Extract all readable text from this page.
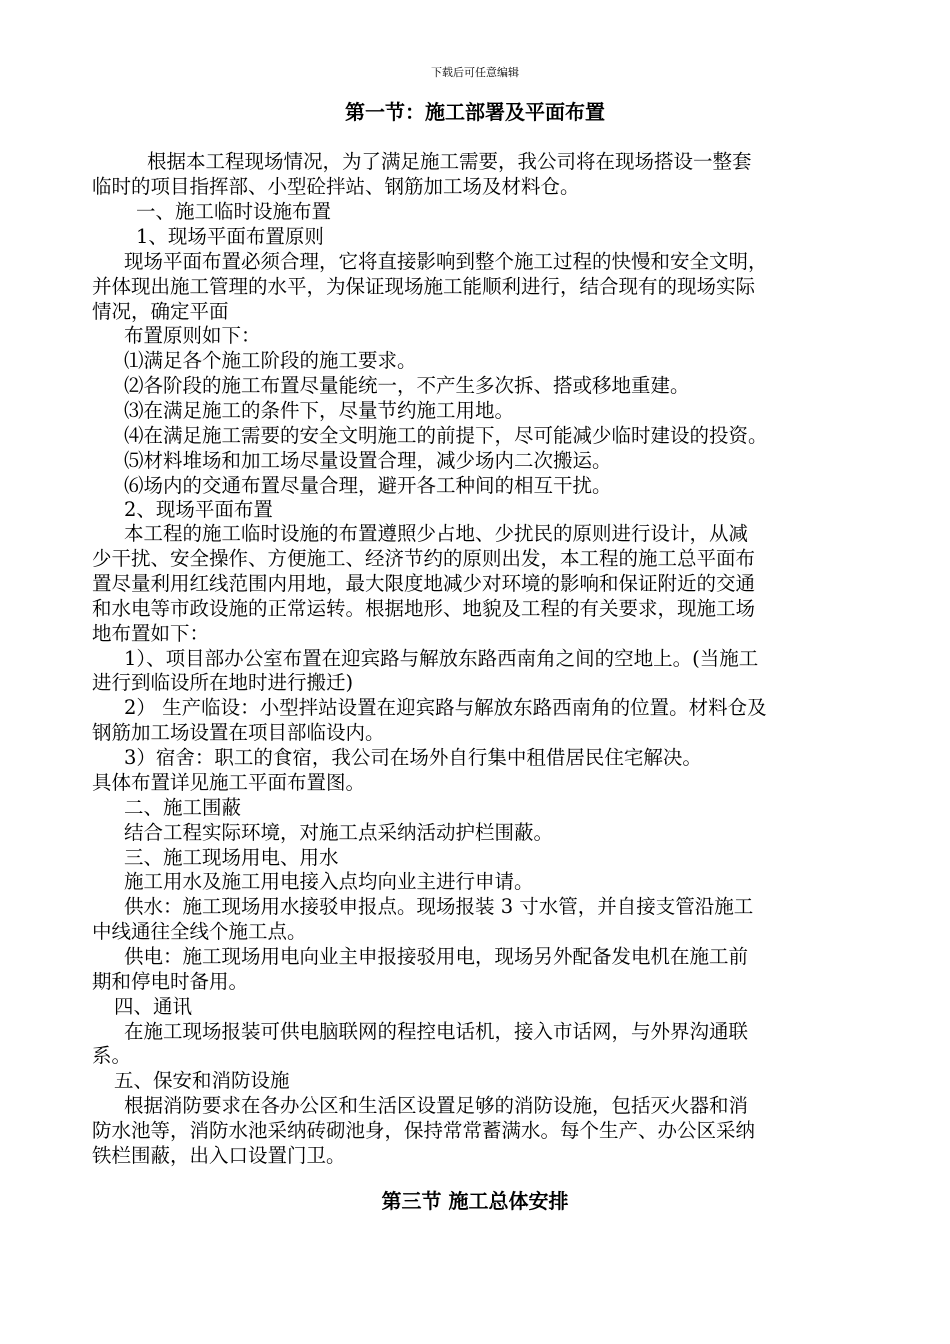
下载后可任意编辑
第一节：施工部署及平面布置
根据本工程现场情况，为了满足施工需要，我公司将在现场搭设一整套
临时的项目指挥部、小型砼拌站、钢筋加工场及材料仓。
一、施工临时设施布置
1、现场平面布置原则
现场平面布置必须合理，它将直接影响到整个施工过程的快慢和安全文明，
并体现出施工管理的水平，为保证现场施工能顺利进行，结合现有的现场实际
情况，确定平面
布置原则如下：
⑴满足各个施工阶段的施工要求。
⑵各阶段的施工布置尽量能统一，不产生多次拆、搭或移地重建。
⑶在满足施工的条件下，尽量节约施工用地。
⑷在满足施工需要的安全文明施工的前提下，尽可能减少临时建设的投资。
⑸材料堆场和加工场尽量设置合理，减少场内二次搬运。
⑹场内的交通布置尽量合理，避开各工种间的相互干扰。
2、现场平面布置
本工程的施工临时设施的布置遵照少占地、少扰民的原则进行设计，从减
少干扰、安全操作、方便施工、经济节约的原则出发，本工程的施工总平面布
置尽量利用红线范围内用地，最大限度地减少对环境的影响和保证附近的交通
和水电等市政设施的正常运转。根据地形、地貌及工程的有关要求，现施工场
地布置如下：
1）、项目部办公室布置在迎宾路与解放东路西南角之间的空地上。(当施工
进行到临设所在地时进行搬迁)
2） 生产临设：小型拌站设置在迎宾路与解放东路西南角的位置。材料仓及
钢筋加工场设置在项目部临设内。
3）宿舍：职工的食宿，我公司在场外自行集中租借居民住宅解决。
具体布置详见施工平面布置图。
二、施工围蔽
结合工程实际环境，对施工点采纳活动护栏围蔽。
三、施工现场用电、用水
施工用水及施工用电接入点均向业主进行申请。
供水：施工现场用水接驳申报点。现场报装 3 寸水管，并自接支管沿施工
中线通往全线个施工点。
供电：施工现场用电向业主申报接驳用电，现场另外配备发电机在施工前
期和停电时备用。
四、通讯
在施工现场报装可供电脑联网的程控电话机，接入市话网，与外界沟通联
系。
五、保安和消防设施
根据消防要求在各办公区和生活区设置足够的消防设施，包括灭火器和消
防水池等，消防水池采纳砖砌池身，保持常常蓄满水。每个生产、办公区采纳
铁栏围蔽，出入口设置门卫。
第三节 施工总体安排
